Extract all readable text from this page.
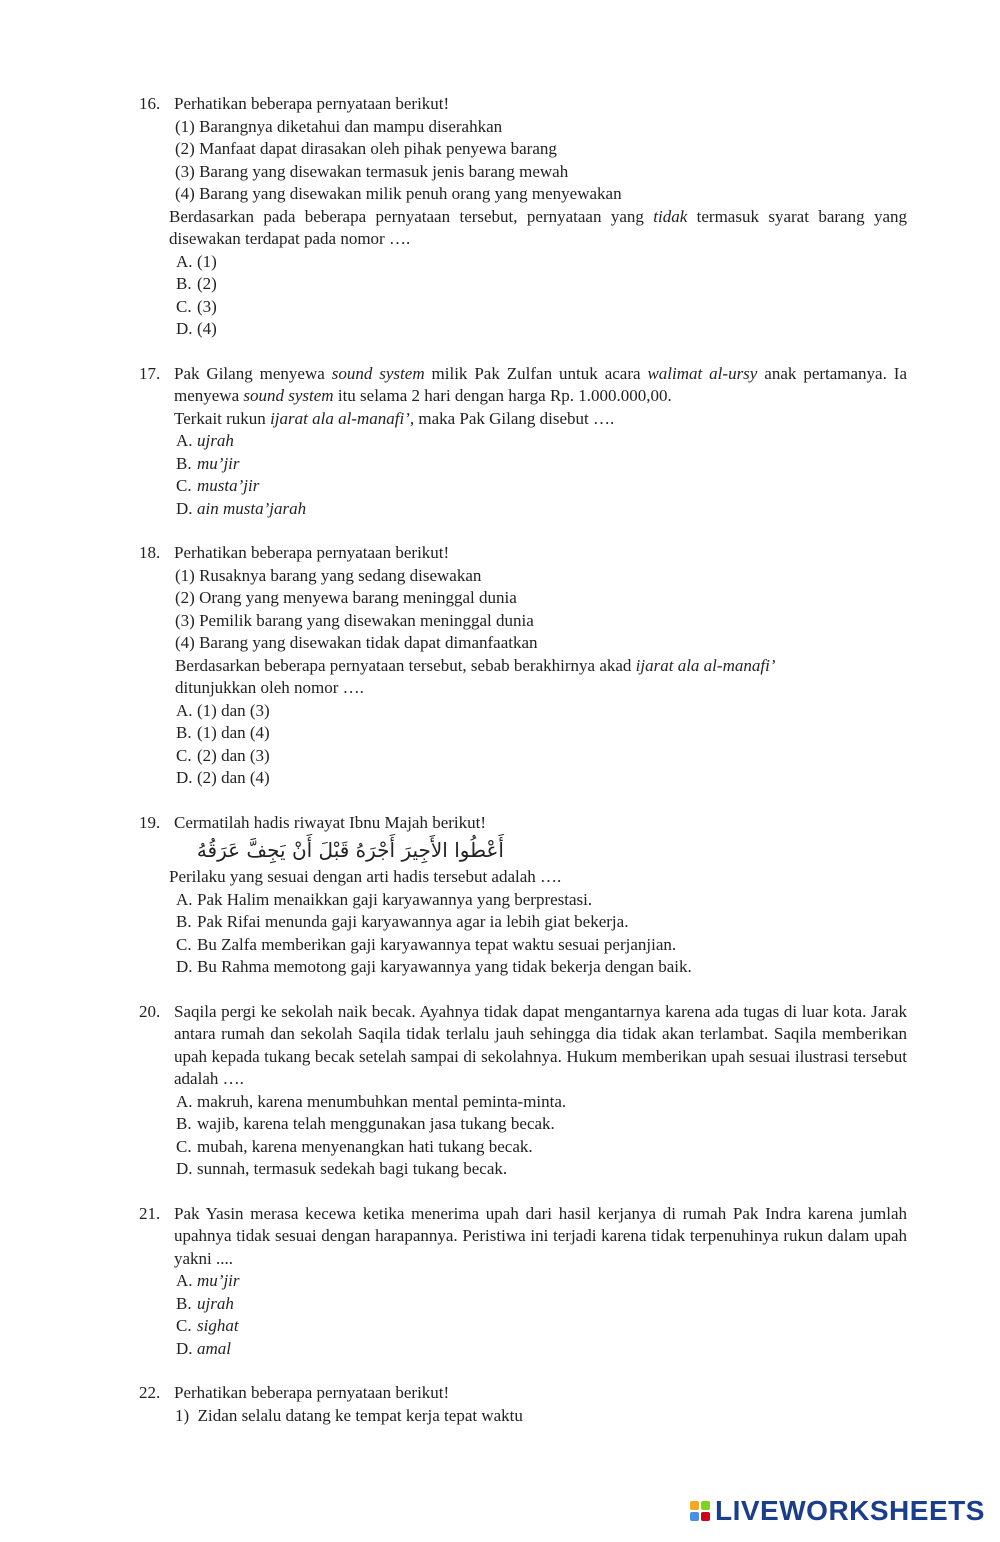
16. Perhatikan beberapa pernyataan berikut!
(1) Barangnya diketahui dan mampu diserahkan
(2) Manfaat dapat dirasakan oleh pihak penyewa barang
(3) Barang yang disewakan termasuk jenis barang mewah
(4) Barang yang disewakan milik penuh orang yang menyewakan
Berdasarkan pada beberapa pernyataan tersebut, pernyataan yang tidak termasuk syarat barang yang disewakan terdapat pada nomor ….
A. (1)
B. (2)
C. (3)
D. (4)
17. Pak Gilang menyewa sound system milik Pak Zulfan untuk acara walimat al-ursy anak pertamanya. Ia menyewa sound system itu selama 2 hari dengan harga Rp. 1.000.000,00.
Terkait rukun ijarat ala al-manafi’, maka Pak Gilang disebut ….
A. ujrah
B. mu’jir
C. musta’jir
D. ain musta’jarah
18. Perhatikan beberapa pernyataan berikut!
(1) Rusaknya barang yang sedang disewakan
(2) Orang yang menyewa barang meninggal dunia
(3) Pemilik barang yang disewakan meninggal dunia
(4) Barang yang disewakan tidak dapat dimanfaatkan
Berdasarkan beberapa pernyataan tersebut, sebab berakhirnya akad ijarat ala al-manafi’
ditunjukkan oleh nomor ….
A. (1) dan (3)
B. (1) dan (4)
C. (2) dan (3)
D. (2) dan (4)
19. Cermatilah hadis riwayat Ibnu Majah berikut!
أَعْطُوا الأَجِيرَ أَجْرَهُ قَبْلَ أَنْ يَجِفَّ عَرَقُهُ
Perilaku yang sesuai dengan arti hadis tersebut adalah ….
A. Pak Halim menaikkan gaji karyawannya yang berprestasi.
B. Pak Rifai menunda gaji karyawannya agar ia lebih giat bekerja.
C. Bu Zalfa memberikan gaji karyawannya tepat waktu sesuai perjanjian.
D. Bu Rahma memotong gaji karyawannya yang tidak bekerja dengan baik.
20. Saqila pergi ke sekolah naik becak. Ayahnya tidak dapat mengantarnya karena ada tugas di luar kota. Jarak antara rumah dan sekolah Saqila tidak terlalu jauh sehingga dia tidak akan terlambat. Saqila memberikan upah kepada tukang becak setelah sampai di sekolahnya. Hukum memberikan upah sesuai ilustrasi tersebut adalah ….
A. makruh, karena menumbuhkan mental peminta-minta.
B. wajib, karena telah menggunakan jasa tukang becak.
C. mubah, karena menyenangkan hati tukang becak.
D. sunnah, termasuk sedekah bagi tukang becak.
21. Pak Yasin merasa kecewa ketika menerima upah dari hasil kerjanya di rumah Pak Indra karena jumlah upahnya tidak sesuai dengan harapannya. Peristiwa ini terjadi karena tidak terpenuhinya rukun dalam upah yakni ....
A. mu’jir
B. ujrah
C. sighat
D. amal
22. Perhatikan beberapa pernyataan berikut!
1)  Zidan selalu datang ke tempat kerja tepat waktu
LIVEWORKSHEETS
